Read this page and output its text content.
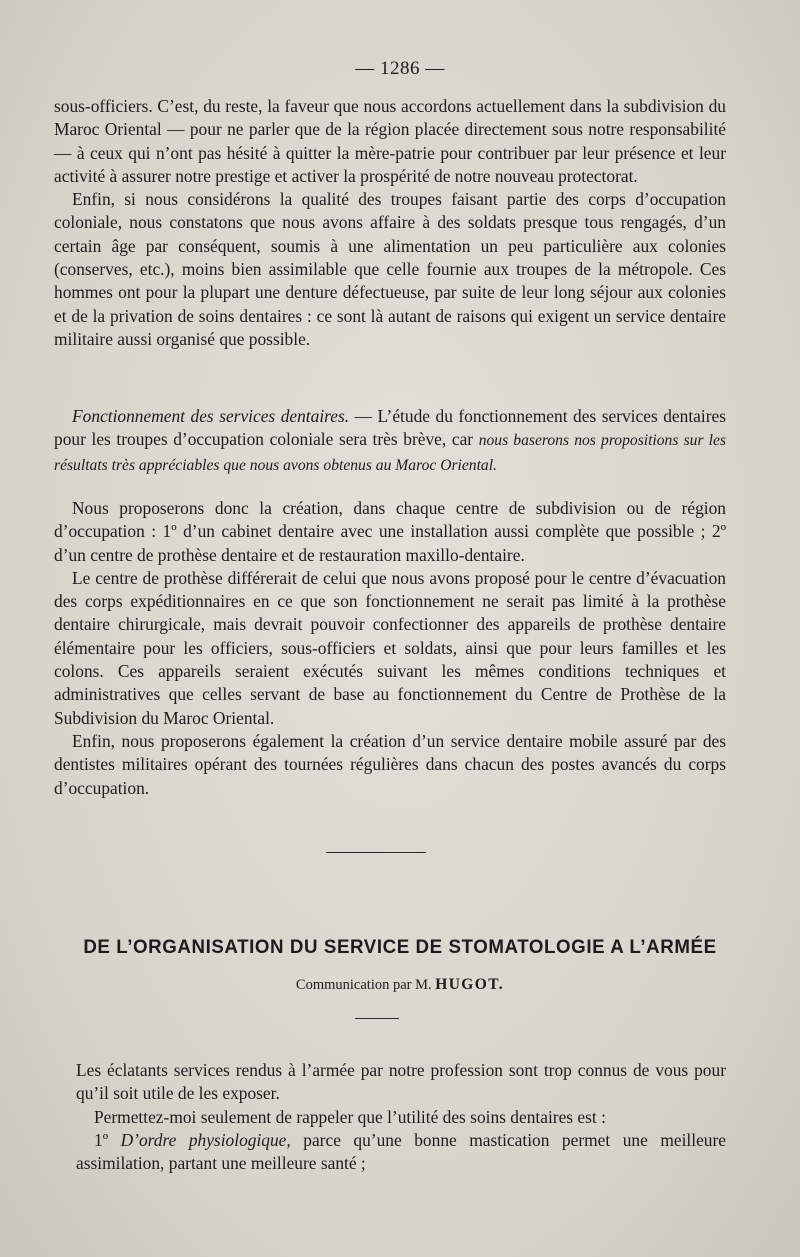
— 1286 —

sous-officiers. C’est, du reste, la faveur que nous accordons actuellement dans la subdivision du Maroc Oriental — pour ne parler que de la région placée directement sous notre responsabilité — à ceux qui n’ont pas hésité à quitter la mère-patrie pour contribuer par leur présence et leur activité à assurer notre prestige et activer la prospérité de notre nouveau protectorat.

Enfin, si nous considérons la qualité des troupes faisant partie des corps d’occupation coloniale, nous constatons que nous avons affaire à des soldats presque tous rengagés, d’un certain âge par conséquent, soumis à une alimentation un peu particulière aux colonies (conserves, etc.), moins bien assimilable que celle fournie aux troupes de la métropole. Ces hommes ont pour la plupart une denture défectueuse, par suite de leur long séjour aux colonies et de la privation de soins dentaires : ce sont là autant de raisons qui exigent un service dentaire militaire aussi organisé que possible.

Fonctionnement des services dentaires. — L’étude du fonctionnement des services dentaires pour les troupes d’occupation coloniale sera très brève, car nous baserons nos propositions sur les résultats très appréciables que nous avons obtenus au Maroc Oriental.

Nous proposerons donc la création, dans chaque centre de subdivision ou de région d’occupation : 1º d’un cabinet dentaire avec une installation aussi complète que possible ; 2º d’un centre de prothèse dentaire et de restauration maxillo-dentaire.

Le centre de prothèse différerait de celui que nous avons proposé pour le centre d’évacuation des corps expéditionnaires en ce que son fonctionnement ne serait pas limité à la prothèse dentaire chirurgicale, mais devrait pouvoir confectionner des appareils de prothèse dentaire élémentaire pour les officiers, sous-officiers et soldats, ainsi que pour leurs familles et les colons. Ces appareils seraient exécutés suivant les mêmes conditions techniques et administratives que celles servant de base au fonctionnement du Centre de Prothèse de la Subdivision du Maroc Oriental.

Enfin, nous proposerons également la création d’un service dentaire mobile assuré par des dentistes militaires opérant des tournées régulières dans chacun des postes avancés du corps d’occupation.

DE L’ORGANISATION DU SERVICE DE STOMATOLOGIE A L’ARMÉE
Communication par M. HUGOT.

Les éclatants services rendus à l’armée par notre profession sont trop connus de vous pour qu’il soit utile de les exposer.

Permettez-moi seulement de rappeler que l’utilité des soins dentaires est :

1º D’ordre physiologique, parce qu’une bonne mastication permet une meilleure assimilation, partant une meilleure santé ;
